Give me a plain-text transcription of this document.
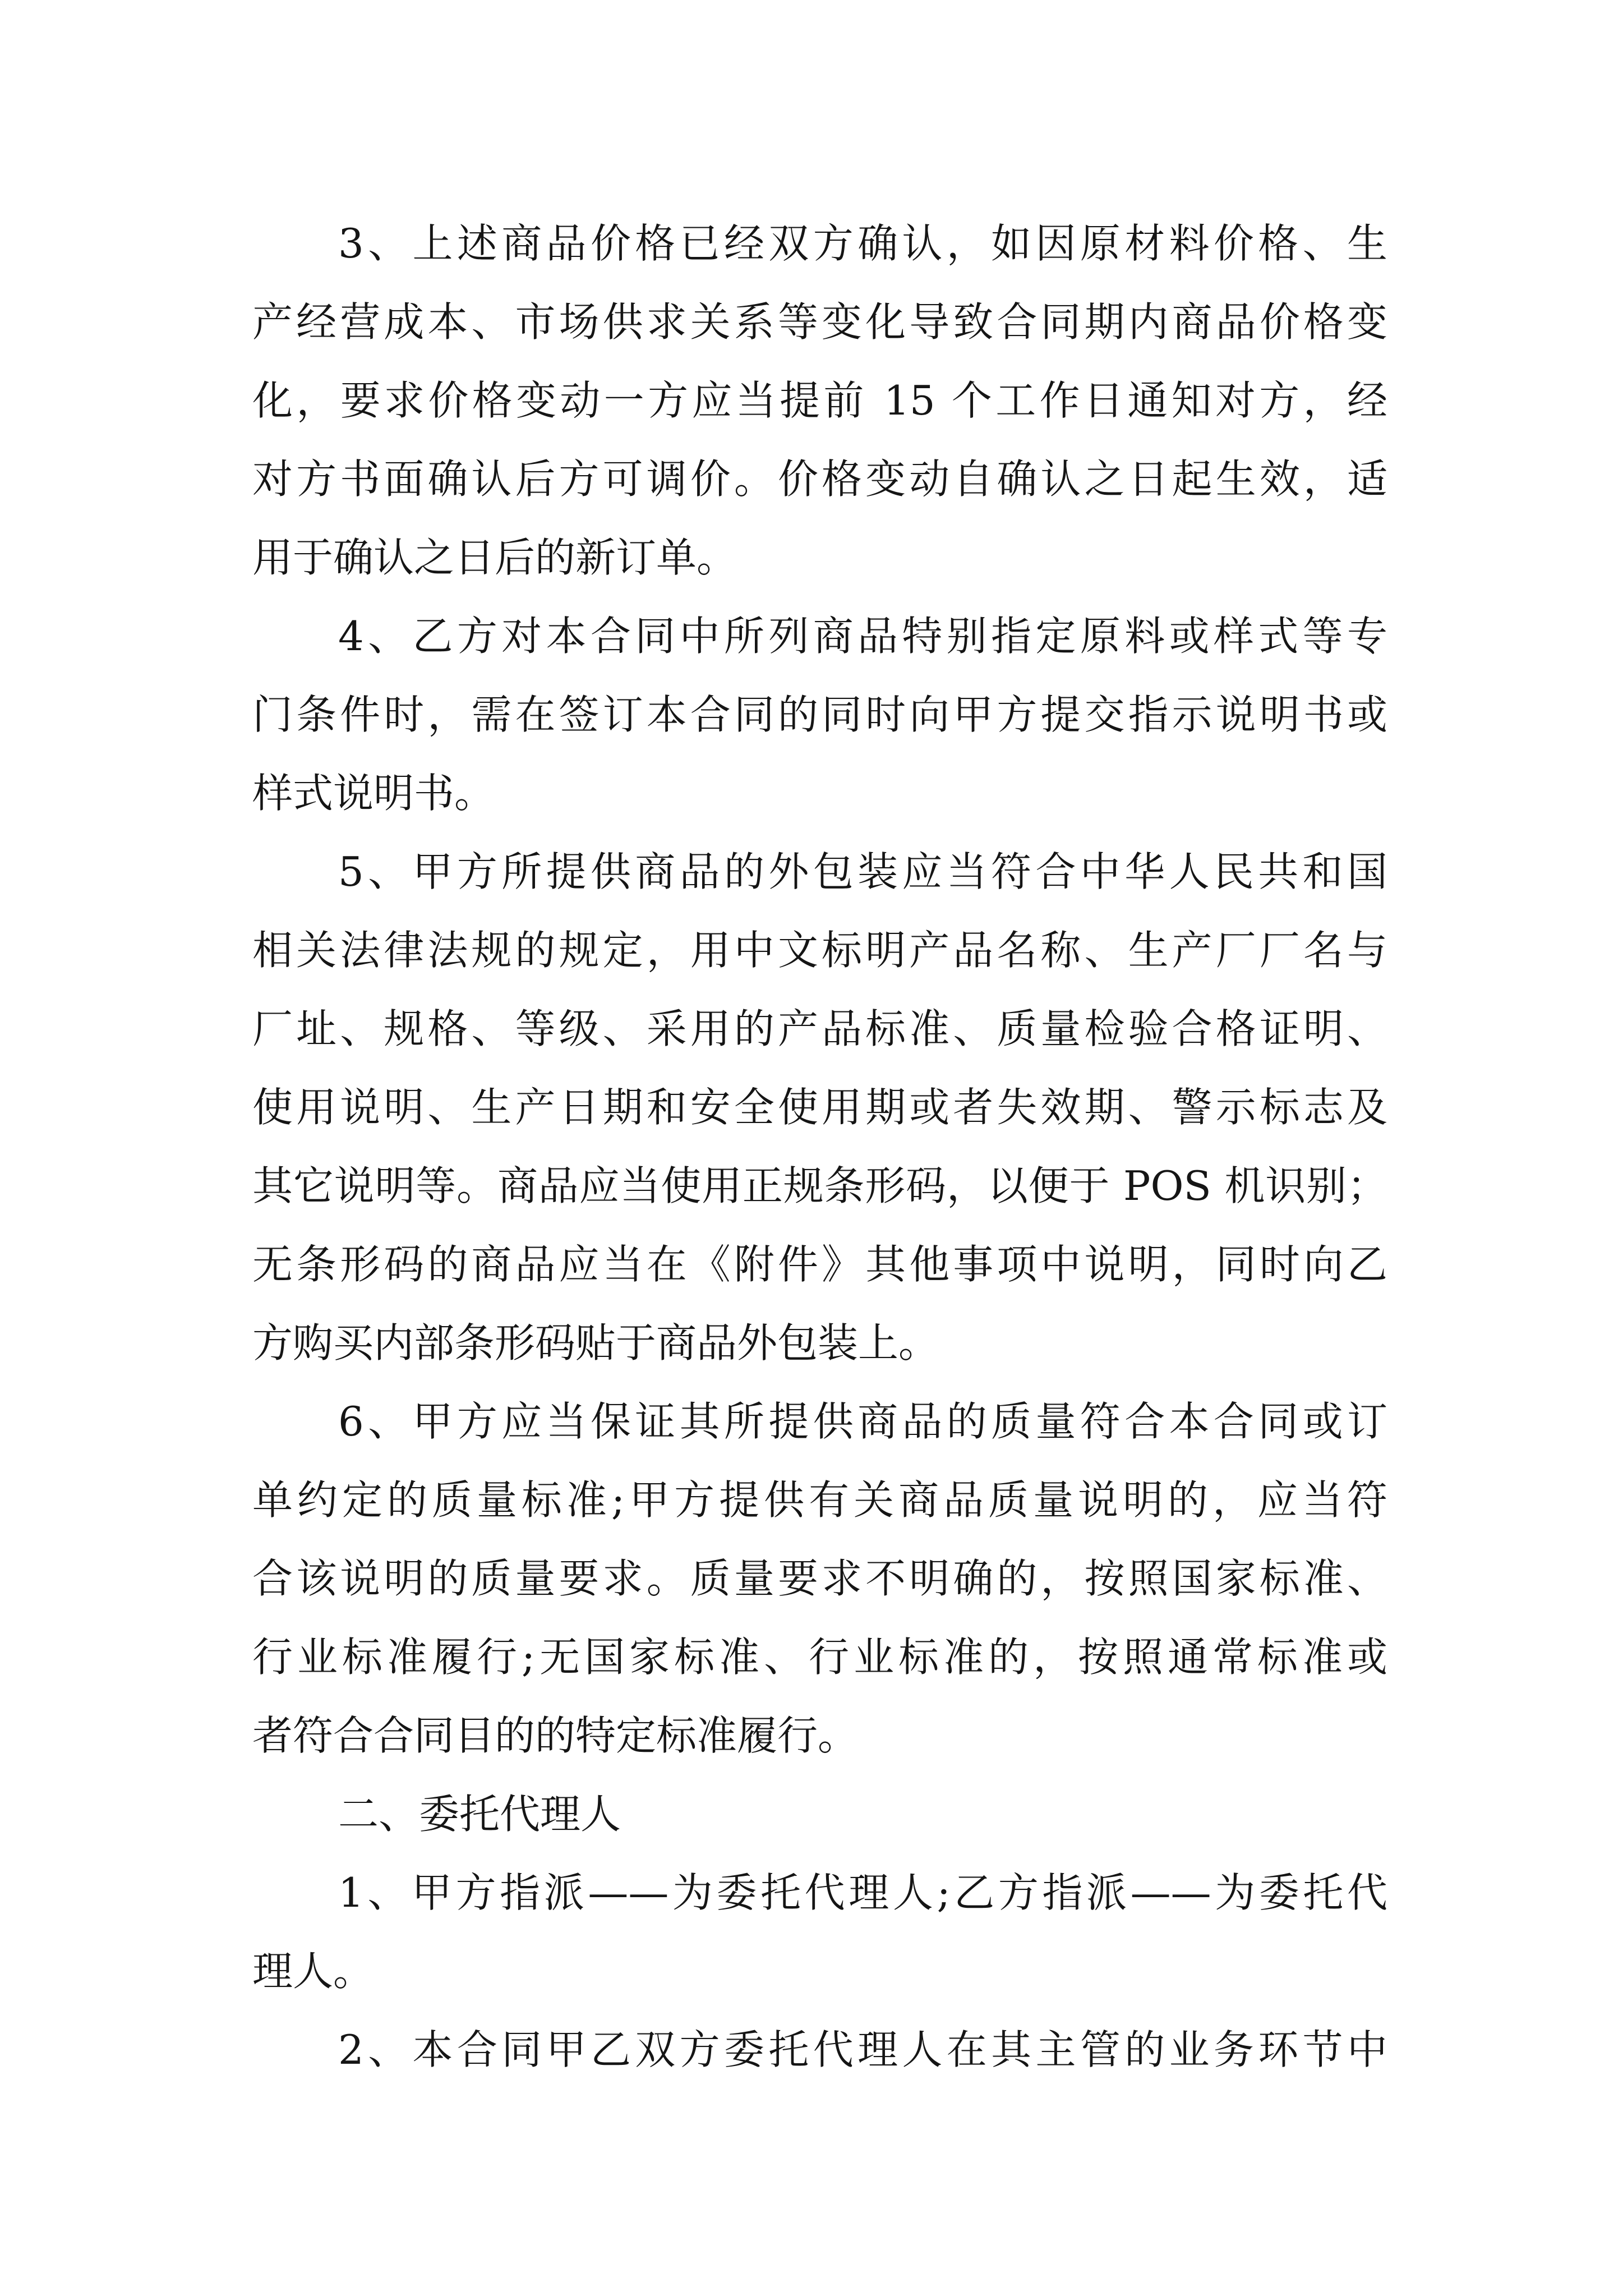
3、上述商品价格已经双方确认，如因原材料价格、生
产经营成本、市场供求关系等变化导致合同期内商品价格变
化，要求价格变动一方应当提前 15 个工作日通知对方，经
对方书面确认后方可调价。价格变动自确认之日起生效，适
用于确认之日后的新订单。
4、乙方对本合同中所列商品特别指定原料或样式等专
门条件时，需在签订本合同的同时向甲方提交指示说明书或
样式说明书。
5、甲方所提供商品的外包装应当符合中华人民共和国
相关法律法规的规定，用中文标明产品名称、生产厂厂名与
厂址、规格、等级、采用的产品标准、质量检验合格证明、
使用说明、生产日期和安全使用期或者失效期、警示标志及
其它说明等。商品应当使用正规条形码，以便于 POS 机识别；
无条形码的商品应当在《附件》其他事项中说明，同时向乙
方购买内部条形码贴于商品外包装上。
6、甲方应当保证其所提供商品的质量符合本合同或订
单约定的质量标准;甲方提供有关商品质量说明的，应当符
合该说明的质量要求。质量要求不明确的，按照国家标准、
行业标准履行;无国家标准、行业标准的，按照通常标准或
者符合合同目的的特定标准履行。
二、委托代理人
1、甲方指派——为委托代理人;乙方指派——为委托代
理人。
2、本合同甲乙双方委托代理人在其主管的业务环节中
